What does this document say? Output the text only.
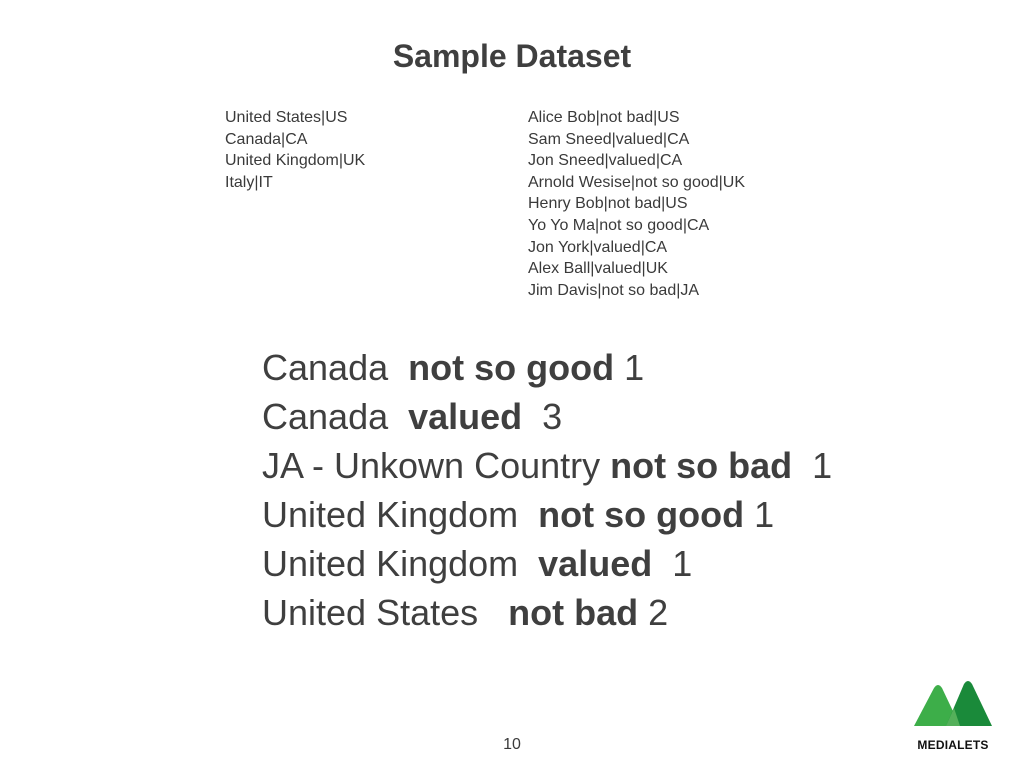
Sample Dataset
United States|US
Canada|CA
United Kingdom|UK
Italy|IT
Alice Bob|not bad|US
Sam Sneed|valued|CA
Jon Sneed|valued|CA
Arnold Wesise|not so good|UK
Henry Bob|not bad|US
Yo Yo Ma|not so good|CA
Jon York|valued|CA
Alex Ball|valued|UK
Jim Davis|not so bad|JA
Canada  not so good 1
Canada  valued  3
JA - Unkown Country not so bad  1
United Kingdom  not so good 1
United Kingdom  valued  1
United States   not bad 2
10	MEDIALETS
